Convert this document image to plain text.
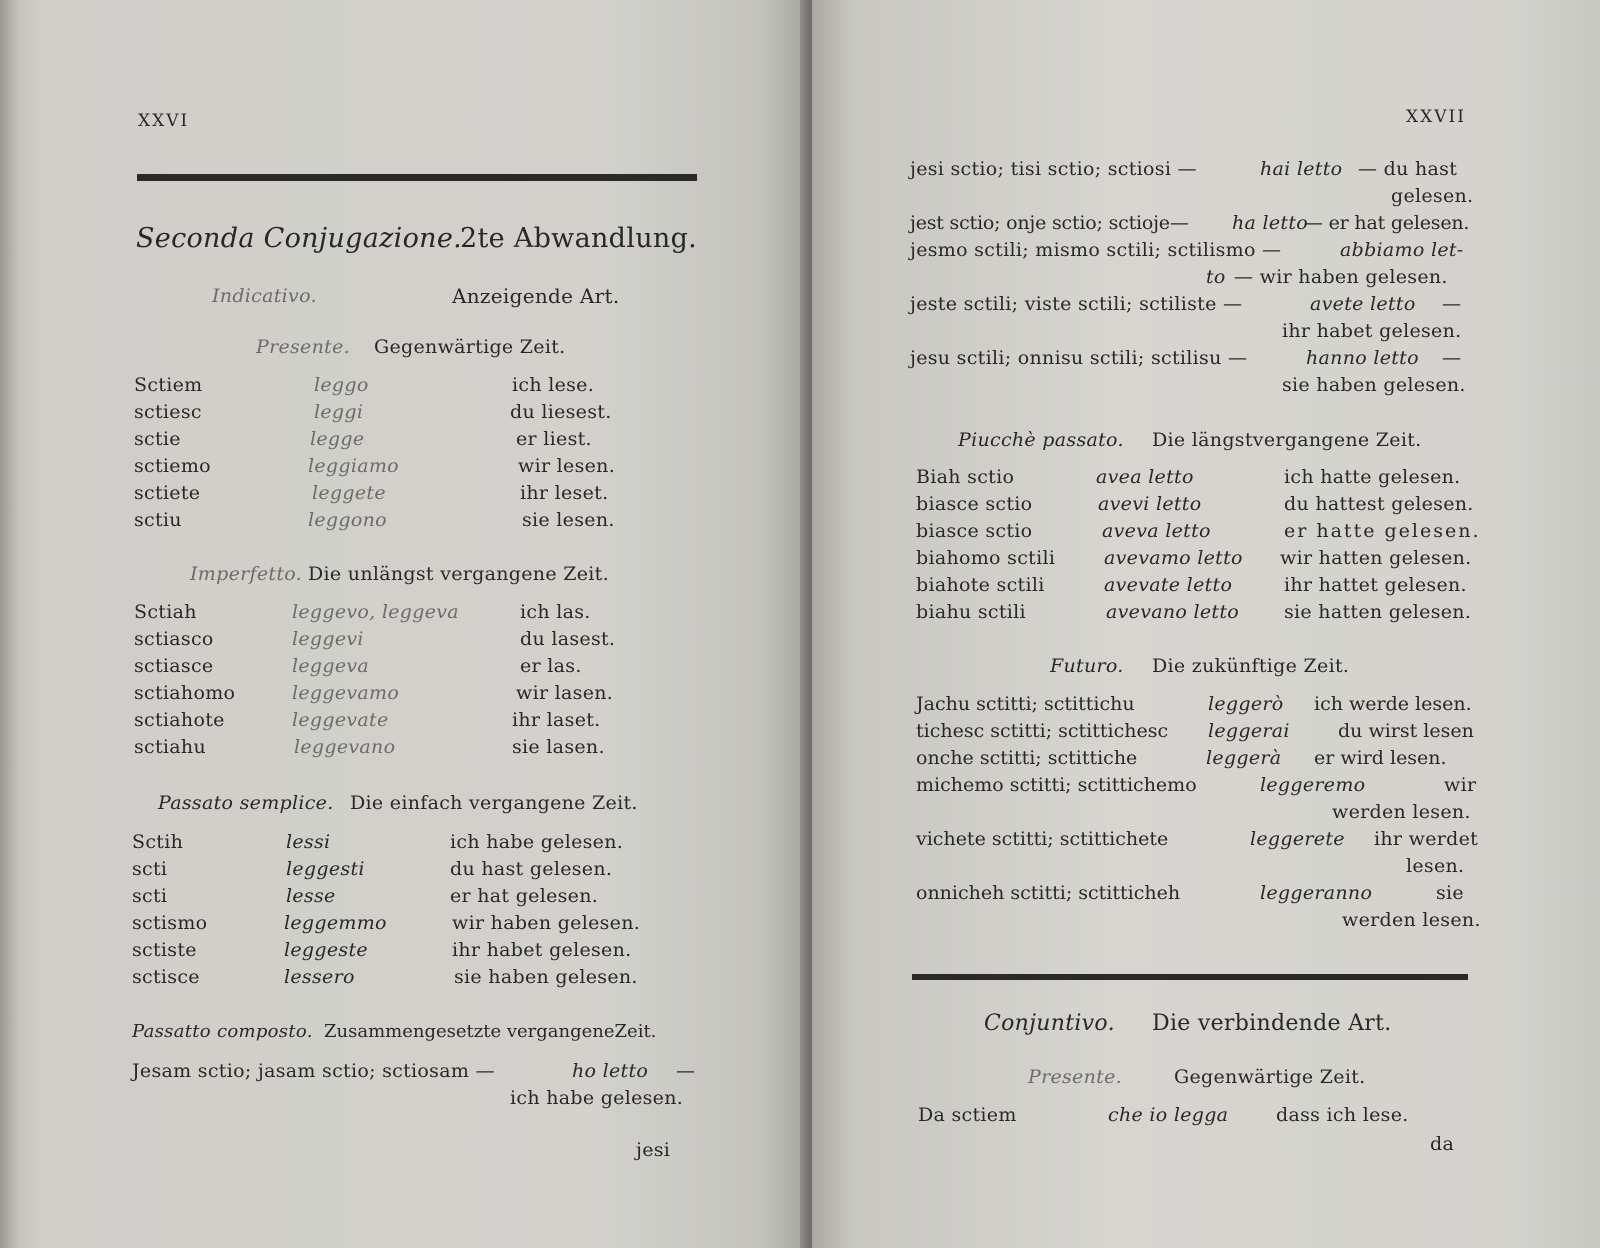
XXVI
Seconda Conjugazione.
2te Abwandlung.
Indicativo.	Anzeigende Art.
Presente. Gegenwärtige Zeit.
Sctiem	leggo	ich lese.
sctiesc	leggi	du liesest.
sctie	legge	er liest.
sctiemo	leggiamo	wir lesen.
sctiete	leggete	ihr leset.
sctiu	leggono	sie lesen.
Imperfetto. Die unlängst vergangene Zeit.
Sctiah	leggevo, leggeva	ich las.
sctiasco	leggevi	du lasest.
sctiasce	leggeva	er las.
sctiahomo	leggevamo	wir lasen.
sctiahote	leggevate	ihr laset.
sctiahu	leggevano	sie lasen.
Passato semplice. Die einfach vergangene Zeit.
Sctih	lessi	ich habe gelesen.
scti	leggesti	du hast gelesen.
scti	lesse	er hat gelesen.
sctismo	leggemmo	wir haben gelesen.
sctiste	leggeste	ihr habet gelesen.
sctisce	lessero	sie haben gelesen.
Passatto composto. Zusammengesetzte vergangeneZeit.
Jesam sctio; jasam sctio; sctiosam —	ho letto —
ich habe gelesen.
jesi
XXVII
jesi sctio; tisi sctio; sctiosi —	hai letto — du hast
gelesen.
jest sctio; onje sctio; sctioje— ha letto
— er hat gelesen.
jesmo sctili; mismo sctili; sctilismo —	abbiamo let-
to — wir haben gelesen.
jeste sctili; viste sctili; sctiliste —	avete letto —
ihr habet gelesen.
jesu sctili; onnisu sctili; sctilisu —	hanno letto —
sie haben gelesen.
Piucchè passato. Die längstvergangene Zeit.
Biah sctio	avea letto	ich hatte gelesen.
biasce sctio	avevi letto	du hattest gelesen.
biasce sctio	aveva letto	er hatte gelesen.
biahomo sctili	avevamo letto wir hatten gelesen.
biahote sctili	avevate letto	ihr hattet gelesen.
biahu sctili	avevano letto sie hatten gelesen.
Futuro. Die zukünftige Zeit.
Jachu sctitti; sctittichu	leggerò ich werde lesen.
tichesc sctitti; sctittichesc leggerai	du wirst lesen
onche sctitti; sctittiche	leggerà er wird lesen.
michemo sctitti; sctittichemo	leggeremo	wir
werden lesen.
vichete sctitti; sctittichete	leggerete ihr werdet
lesen.
onnicheh sctitti; sctitticheh	leggeranno	sie
werden lesen.
Conjuntivo. Die verbindende Art.
Presente.	Gegenwärtige Zeit.
Da sctiem	che io legga	dass ich lese.
da
